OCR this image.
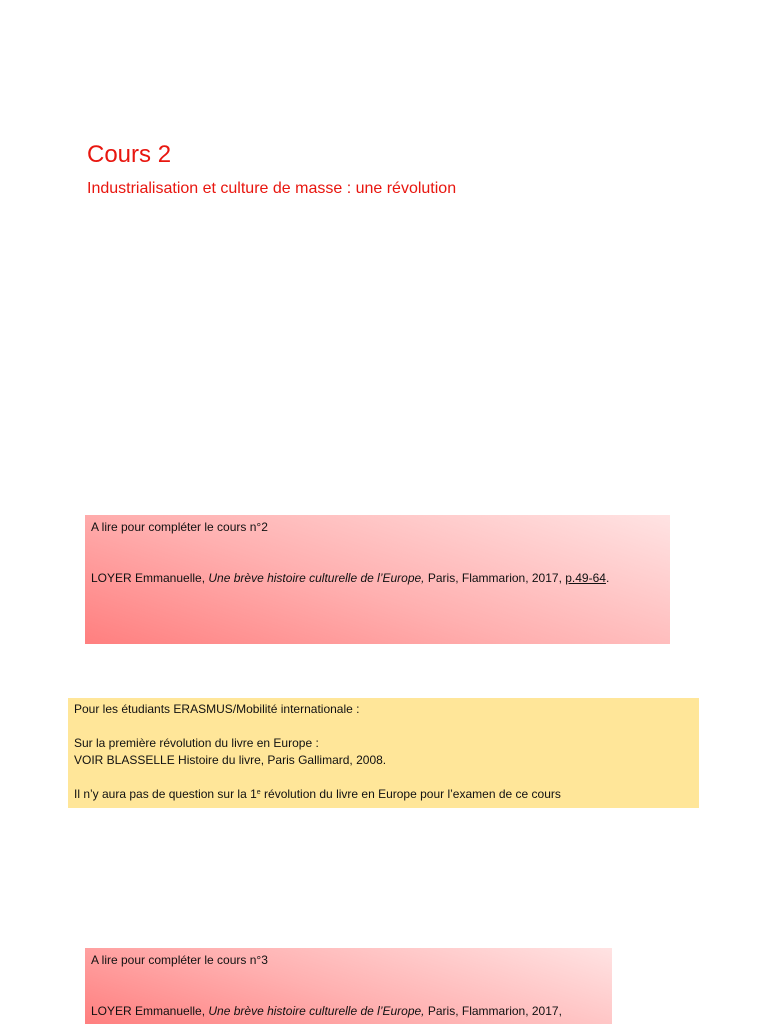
Cours 2
Industrialisation et culture de masse : une révolution

A lire pour compléter le cours n°2

LOYER Emmanuelle, Une brève histoire culturelle de l’Europe, Paris, Flammarion, 2017, p.49-64.

Pour les étudiants ERASMUS/Mobilité internationale :

Sur la première révolution du livre en Europe :

VOIR BLASSELLE Histoire du livre, Paris Gallimard, 2008.

Il n’y aura pas de question sur la 1e révolution du livre en Europe pour l’examen de ce cours

A lire pour compléter le cours n°3

LOYER Emmanuelle, Une brève histoire culturelle de l’Europe, Paris, Flammarion, 2017,
